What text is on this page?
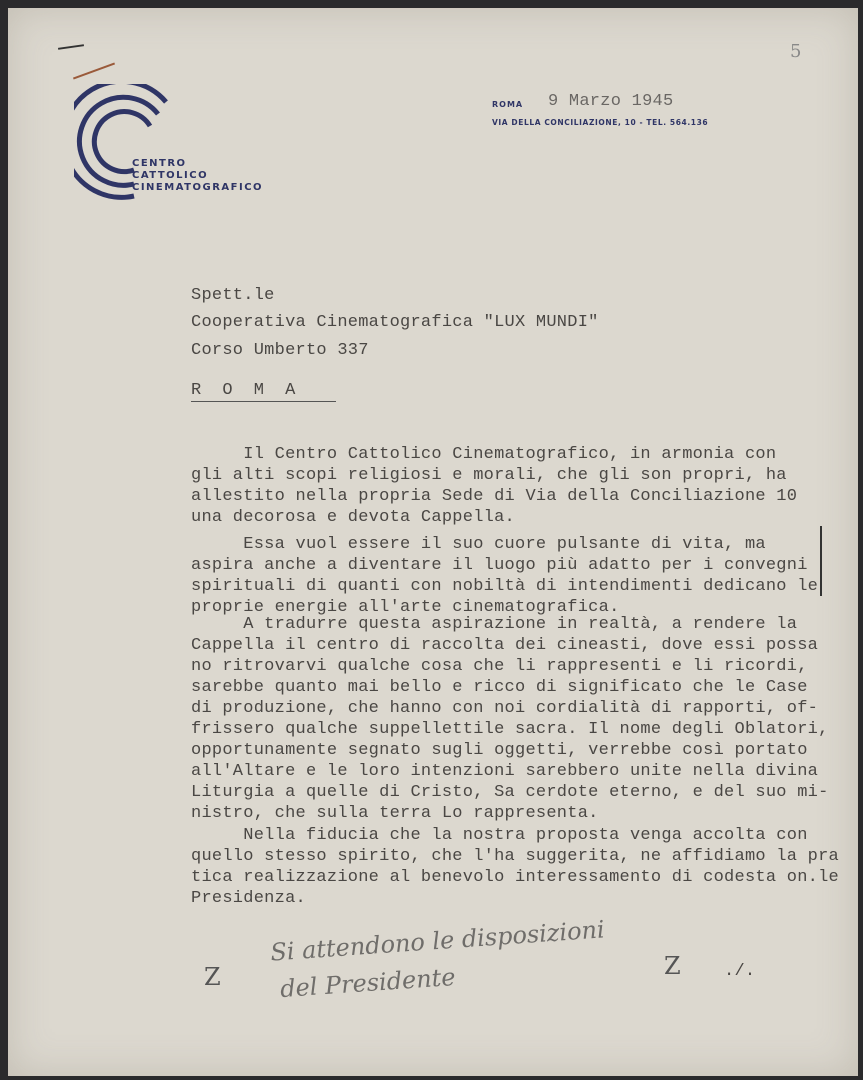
CENTRO
CATTOLICO
CINEMATOGRAFICO
ROMA 9 Marzo 1945
VIA DELLA CONCILIAZIONE, 10 - TEL. 564.136
5
Spett.le
Cooperativa Cinematografica "LUX MUNDI"
Corso Umberto 337
R  O  M  A
Il Centro Cattolico Cinematografico, in armonia con
gli alti scopi religiosi e morali, che gli son propri, ha
allestito nella propria Sede di Via della Conciliazione 10
una decorosa e devota Cappella.
Essa vuol essere il suo cuore pulsante di vita, ma
aspira anche a diventare il luogo più adatto per i convegni
spirituali di quanti con nobiltà di intendimenti dedicano le
proprie energie all'arte cinematografica.
A tradurre questa aspirazione in realtà, a rendere la
Cappella il centro di raccolta dei cineasti, dove essi possa
no ritrovarvi qualche cosa che li rappresenti e li ricordi,
sarebbe quanto mai bello e ricco di significato che le Case
di produzione, che hanno con noi cordialità di rapporti, of-
frissero qualche suppellettile sacra. Il nome degli Oblatori,
opportunamente segnato sugli oggetti, verrebbe così portato
all'Altare e le loro intenzioni sarebbero unite nella divina
Liturgia a quelle di Cristo, Sa cerdote eterno, e del suo mi-
nistro, che sulla terra Lo rappresenta.
Nella fiducia che la nostra proposta venga accolta con
quello stesso spirito, che l'ha suggerita, ne affidiamo la pra
tica realizzazione al benevolo interessamento di codesta on.le
Presidenza.
Si attendono le disposizioni
del Presidente
Z	Z	./.
